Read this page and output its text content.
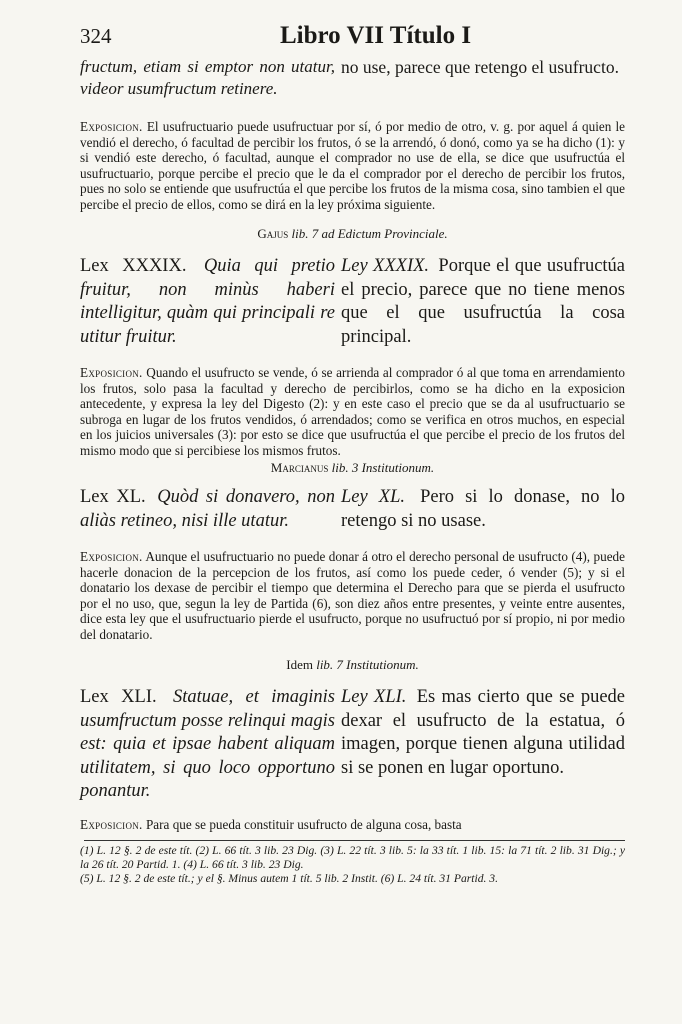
324	Libro VII Título I
fructum, etiam si emptor non utatur, videor usumfructum retinere.
no use, parece que retengo el usufructo.

Exposicion. El usufructuario puede usufructuar por sí, ó por medio de otro, v. g. por aquel á quien le vendió el derecho, ó facultad de percibir los frutos, ó se la arrendó, ó donó, como ya se ha dicho (1): y si vendió este derecho, ó facultad, aunque el comprador no use de ella, se dice que usufructúa el usufructuario, porque percibe el precio que le da el comprador por el derecho de percibir los frutos, pues no solo se entiende que usufructúa el que percibe los frutos de la misma cosa, sino tambien el que percibe el precio de ellos, como se dirá en la ley próxima siguiente.

Gajus lib. 7 ad Edictum Provinciale.
Lex XXXIX. Quia qui pretio fruitur, non minùs haberi intelligitur, quàm qui principali re utitur fruitur.
Ley XXXIX. Porque el que usufructúa el precio, parece que no tiene menos que el que usufructúa la cosa principal.

Exposicion. Quando el usufructo se vende, ó se arrienda al comprador ó al que toma en arrendamiento los frutos, solo pasa la facultad y derecho de percibirlos, como se ha dicho en la exposicion antecedente, y expresa la ley del Digesto (2): y en este caso el precio que se da al usufructuario se subroga en lugar de los frutos vendidos, ó arrendados; como se verifica en otros muchos, en especial en los juicios universales (3): por esto se dice que usufructúa el que percibe el precio de los frutos del mismo modo que si percibiese los mismos frutos.

Marcianus lib. 3 Institutionum.
Lex XL. Quòd si donavero, non aliàs retineo, nisi ille utatur.
Ley XL. Pero si lo donase, no lo retengo si no usase.

Exposicion. Aunque el usufructuario no puede donar á otro el derecho personal de usufructo (4), puede hacerle donacion de la percepcion de los frutos, así como los puede ceder, ó vender (5); y si el donatario los dexase de percibir el tiempo que determina el Derecho para que se pierda el usufructo por el no uso, que, segun la ley de Partida (6), son diez años entre presentes, y veinte entre ausentes, dice esta ley que el usufructuario pierde el usufructo, porque no usufructuó por sí propio, ni por medio del donatario.

Idem lib. 7 Institutionum.
Lex XLI. Statuae, et imaginis usumfructum posse relinqui magis est: quia et ipsae habent aliquam utilitatem, si quo loco opportuno ponantur.
Ley XLI. Es mas cierto que se puede dexar el usufructo de la estatua, ó imagen, porque tienen alguna utilidad si se ponen en lugar oportuno.

Exposicion. Para que se pueda constituir usufructo de alguna cosa, basta

(1) L. 12 §. 2 de este tít. (2) L. 66 tít. 3 lib. 23 Dig. (3) L. 22 tít. 3 lib. 5: la 33 tít. 1 lib. 15: la 71 tít. 2 lib. 31 Dig.; y la 26 tít. 20 Partid. 1. (4) L. 66 tít. 3 lib. 23 Dig.
(5) L. 12 §. 2 de este tít.; y el §. Minus autem 1 tít. 5 lib. 2 Instit. (6) L. 24 tít. 31 Partid. 3.
